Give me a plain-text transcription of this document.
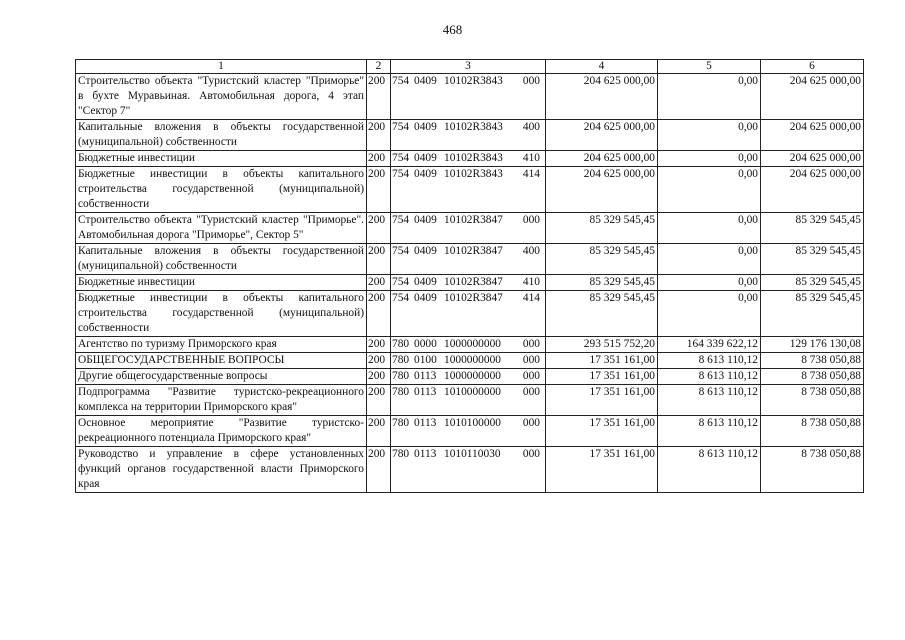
468
1	2	3	4	5	6
Строительство объекта "Туристский кластер "Приморье" в бухте Муравьиная. Автомобильная дорога, 4 этап "Сектор 7"	200	754 0409 10102R3843 000	204 625 000,00	0,00	204 625 000,00
Капитальные вложения в объекты государственной (муниципальной) собственности	200	754 0409 10102R3843 400	204 625 000,00	0,00	204 625 000,00
Бюджетные инвестиции	200	754 0409 10102R3843 410	204 625 000,00	0,00	204 625 000,00
Бюджетные инвестиции в объекты капитального строительства государственной (муниципальной) собственности	200	754 0409 10102R3843 414	204 625 000,00	0,00	204 625 000,00
Строительство объекта "Туристский кластер "Приморье". Автомобильная дорога "Приморье", Сектор 5"	200	754 0409 10102R3847 000	85 329 545,45	0,00	85 329 545,45
Капитальные вложения в объекты государственной (муниципальной) собственности	200	754 0409 10102R3847 400	85 329 545,45	0,00	85 329 545,45
Бюджетные инвестиции	200	754 0409 10102R3847 410	85 329 545,45	0,00	85 329 545,45
Бюджетные инвестиции в объекты капитального строительства государственной (муниципальной) собственности	200	754 0409 10102R3847 414	85 329 545,45	0,00	85 329 545,45
Агентство по туризму Приморского края	200	780 0000 1000000000 000	293 515 752,20	164 339 622,12	129 176 130,08
ОБЩЕГОСУДАРСТВЕННЫЕ ВОПРОСЫ	200	780 0100 1000000000 000	17 351 161,00	8 613 110,12	8 738 050,88
Другие общегосударственные вопросы	200	780 0113 1000000000 000	17 351 161,00	8 613 110,12	8 738 050,88
Подпрограмма "Развитие туристско-рекреационного комплекса на территории Приморского края"	200	780 0113 1010000000 000	17 351 161,00	8 613 110,12	8 738 050,88
Основное мероприятие "Развитие туристско-рекреационного потенциала Приморского края"	200	780 0113 1010100000 000	17 351 161,00	8 613 110,12	8 738 050,88
Руководство и управление в сфере установленных функций органов государственной власти Приморского края	200	780 0113 1010110030 000	17 351 161,00	8 613 110,12	8 738 050,88
